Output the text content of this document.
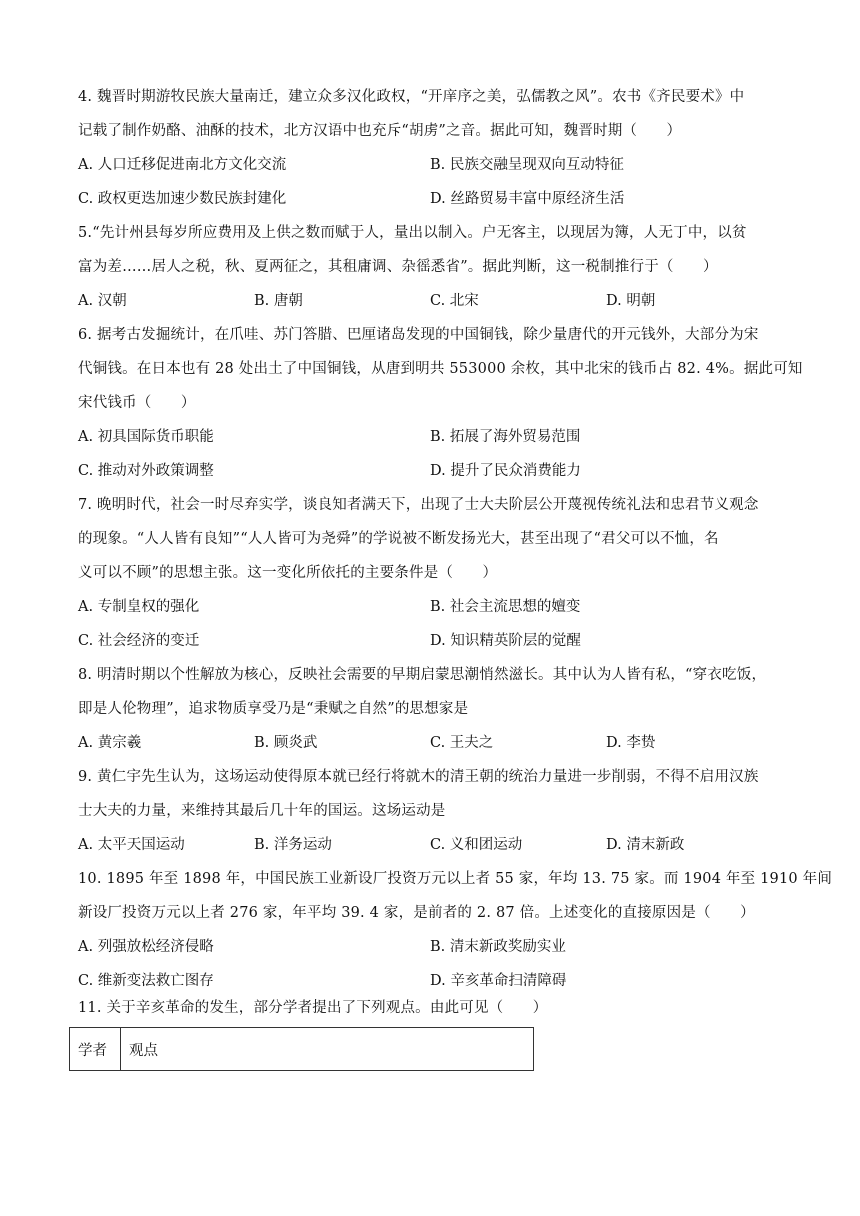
4. 魏晋时期游牧民族大量南迁，建立众多汉化政权，“开庠序之美，弘儒教之风”。农书《齐民要术》中
记载了制作奶酪、油酥的技术，北方汉语中也充斥“胡虏”之音。据此可知，魏晋时期（　　）
A. 人口迁移促进南北方文化交流	B. 民族交融呈现双向互动特征
C. 政权更迭加速少数民族封建化	D. 丝路贸易丰富中原经济生活
5.“先计州县每岁所应费用及上供之数而赋于人，量出以制入。户无客主，以现居为簿，人无丁中，以贫
富为差……居人之税，秋、夏两征之，其租庸调、杂徭悉省”。据此判断，这一税制推行于（　　）
A. 汉朝	B. 唐朝	C. 北宋	D. 明朝
6. 据考古发掘统计，在爪哇、苏门答腊、巴厘诸岛发现的中国铜钱，除少量唐代的开元钱外，大部分为宋
代铜钱。在日本也有 28 处出土了中国铜钱，从唐到明共 553000 余枚，其中北宋的钱币占 82. 4%。据此可知
宋代钱币（　　）
A. 初具国际货币职能	B. 拓展了海外贸易范围
C. 推动对外政策调整	D. 提升了民众消费能力
7. 晚明时代，社会一时尽弃实学，谈良知者满天下，出现了士大夫阶层公开蔑视传统礼法和忠君节义观念
的现象。“人人皆有良知”“人人皆可为尧舜”的学说被不断发扬光大，甚至出现了“君父可以不恤，名
义可以不顾”的思想主张。这一变化所依托的主要条件是（　　）
A. 专制皇权的强化	B. 社会主流思想的嬗变
C. 社会经济的变迁	D. 知识精英阶层的觉醒
8. 明清时期以个性解放为核心，反映社会需要的早期启蒙思潮悄然滋长。其中认为人皆有私，“穿衣吃饭，
即是人伦物理”，追求物质享受乃是“秉赋之自然”的思想家是
A. 黄宗羲	B. 顾炎武	C. 王夫之	D. 李贽
9. 黄仁宇先生认为，这场运动使得原本就已经行将就木的清王朝的统治力量进一步削弱，不得不启用汉族
士大夫的力量，来维持其最后几十年的国运。这场运动是
A. 太平天国运动	B. 洋务运动	C. 义和团运动	D. 清末新政
10. 1895 年至 1898 年，中国民族工业新设厂投资万元以上者 55 家，年均 13. 75 家。而 1904 年至 1910 年间
新设厂投资万元以上者 276 家，年平均 39. 4 家，是前者的 2. 87 倍。上述变化的直接原因是（　　）
A. 列强放松经济侵略	B. 清末新政奖励实业
C. 维新变法救亡图存	D. 辛亥革命扫清障碍
11. 关于辛亥革命的发生，部分学者提出了下列观点。由此可见（　　）
学者	观点
